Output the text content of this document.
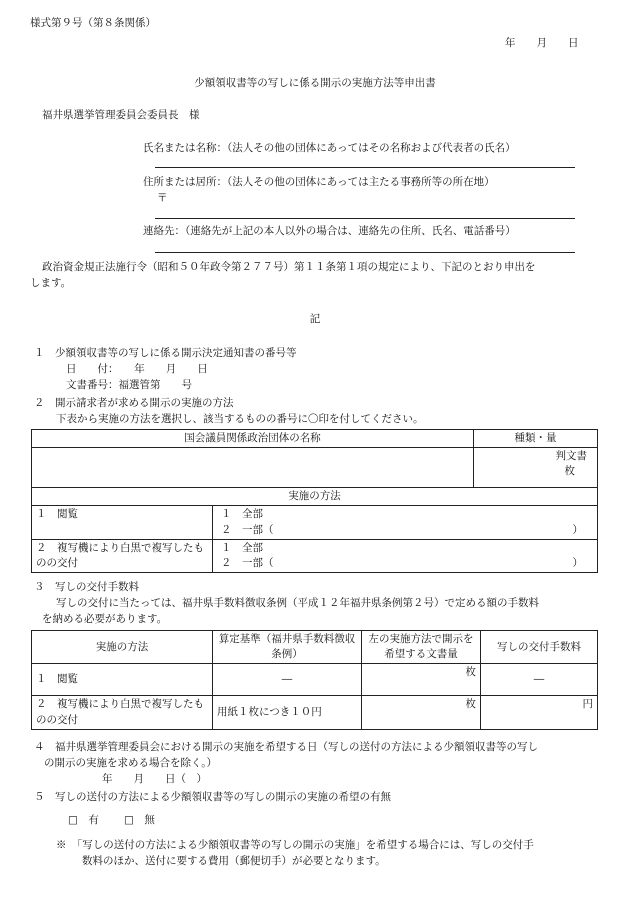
様式第９号（第８条関係）
年　　月　　日
少額領収書等の写しに係る開示の実施方法等申出書
福井県選挙管理委員会委員長　様
氏名または名称：（法人その他の団体にあってはその名称および代表者の氏名）
住所または居所：（法人その他の団体にあっては主たる事務所等の所在地）
〒
連絡先：（連絡先が上記の本人以外の場合は、連絡先の住所、氏名、電話番号）
政治資金規正法施行令（昭和５０年政令第２７７号）第１１条第１項の規定により、下記のとおり申出を
します。
記
１　少額領収書等の写しに係る開示決定通知書の番号等
日　　付：　　年　　月　　日
文書番号：福選管第　　号
２　開示請求者が求める開示の実施の方法
下表から実施の方法を選択し、該当するものの番号に〇印を付してください。
国会議員関係政治団体の名称		種類・量
		判文書
枚
実施の方法		
１　閲覧	１　全部
２　一部（ ）	

２　複写機により白黒で複写したものの交付	１　全部
２　一部（ ）	
３　写しの交付手数料
写しの交付に当たっては、福井県手数料徴収条例（平成１２年福井県条例第２号）で定める額の手数料
を納める必要があります。
実施の方法	算定基準（福井県手数料徴収条例）	左の実施方法で開示を希望する文書量	写しの交付手数料
１　閲覧	―	枚	―
２　複写機により白黒で複写したものの交付	用紙１枚につき１０円	枚	円
４　福井県選挙管理委員会における開示の実施を希望する日（写しの送付の方法による少額領収書等の写し
の開示の実施を求める場合を除く。）
年　　月　　日（　）
５　写しの送付の方法による少額領収書等の写しの開示の実施の希望の有無
□　有 □　無
※　「写しの送付の方法による少額領収書等の写しの開示の実施」を希望する場合には、写しの交付手
数料のほか、送付に要する費用（郵便切手）が必要となります。
